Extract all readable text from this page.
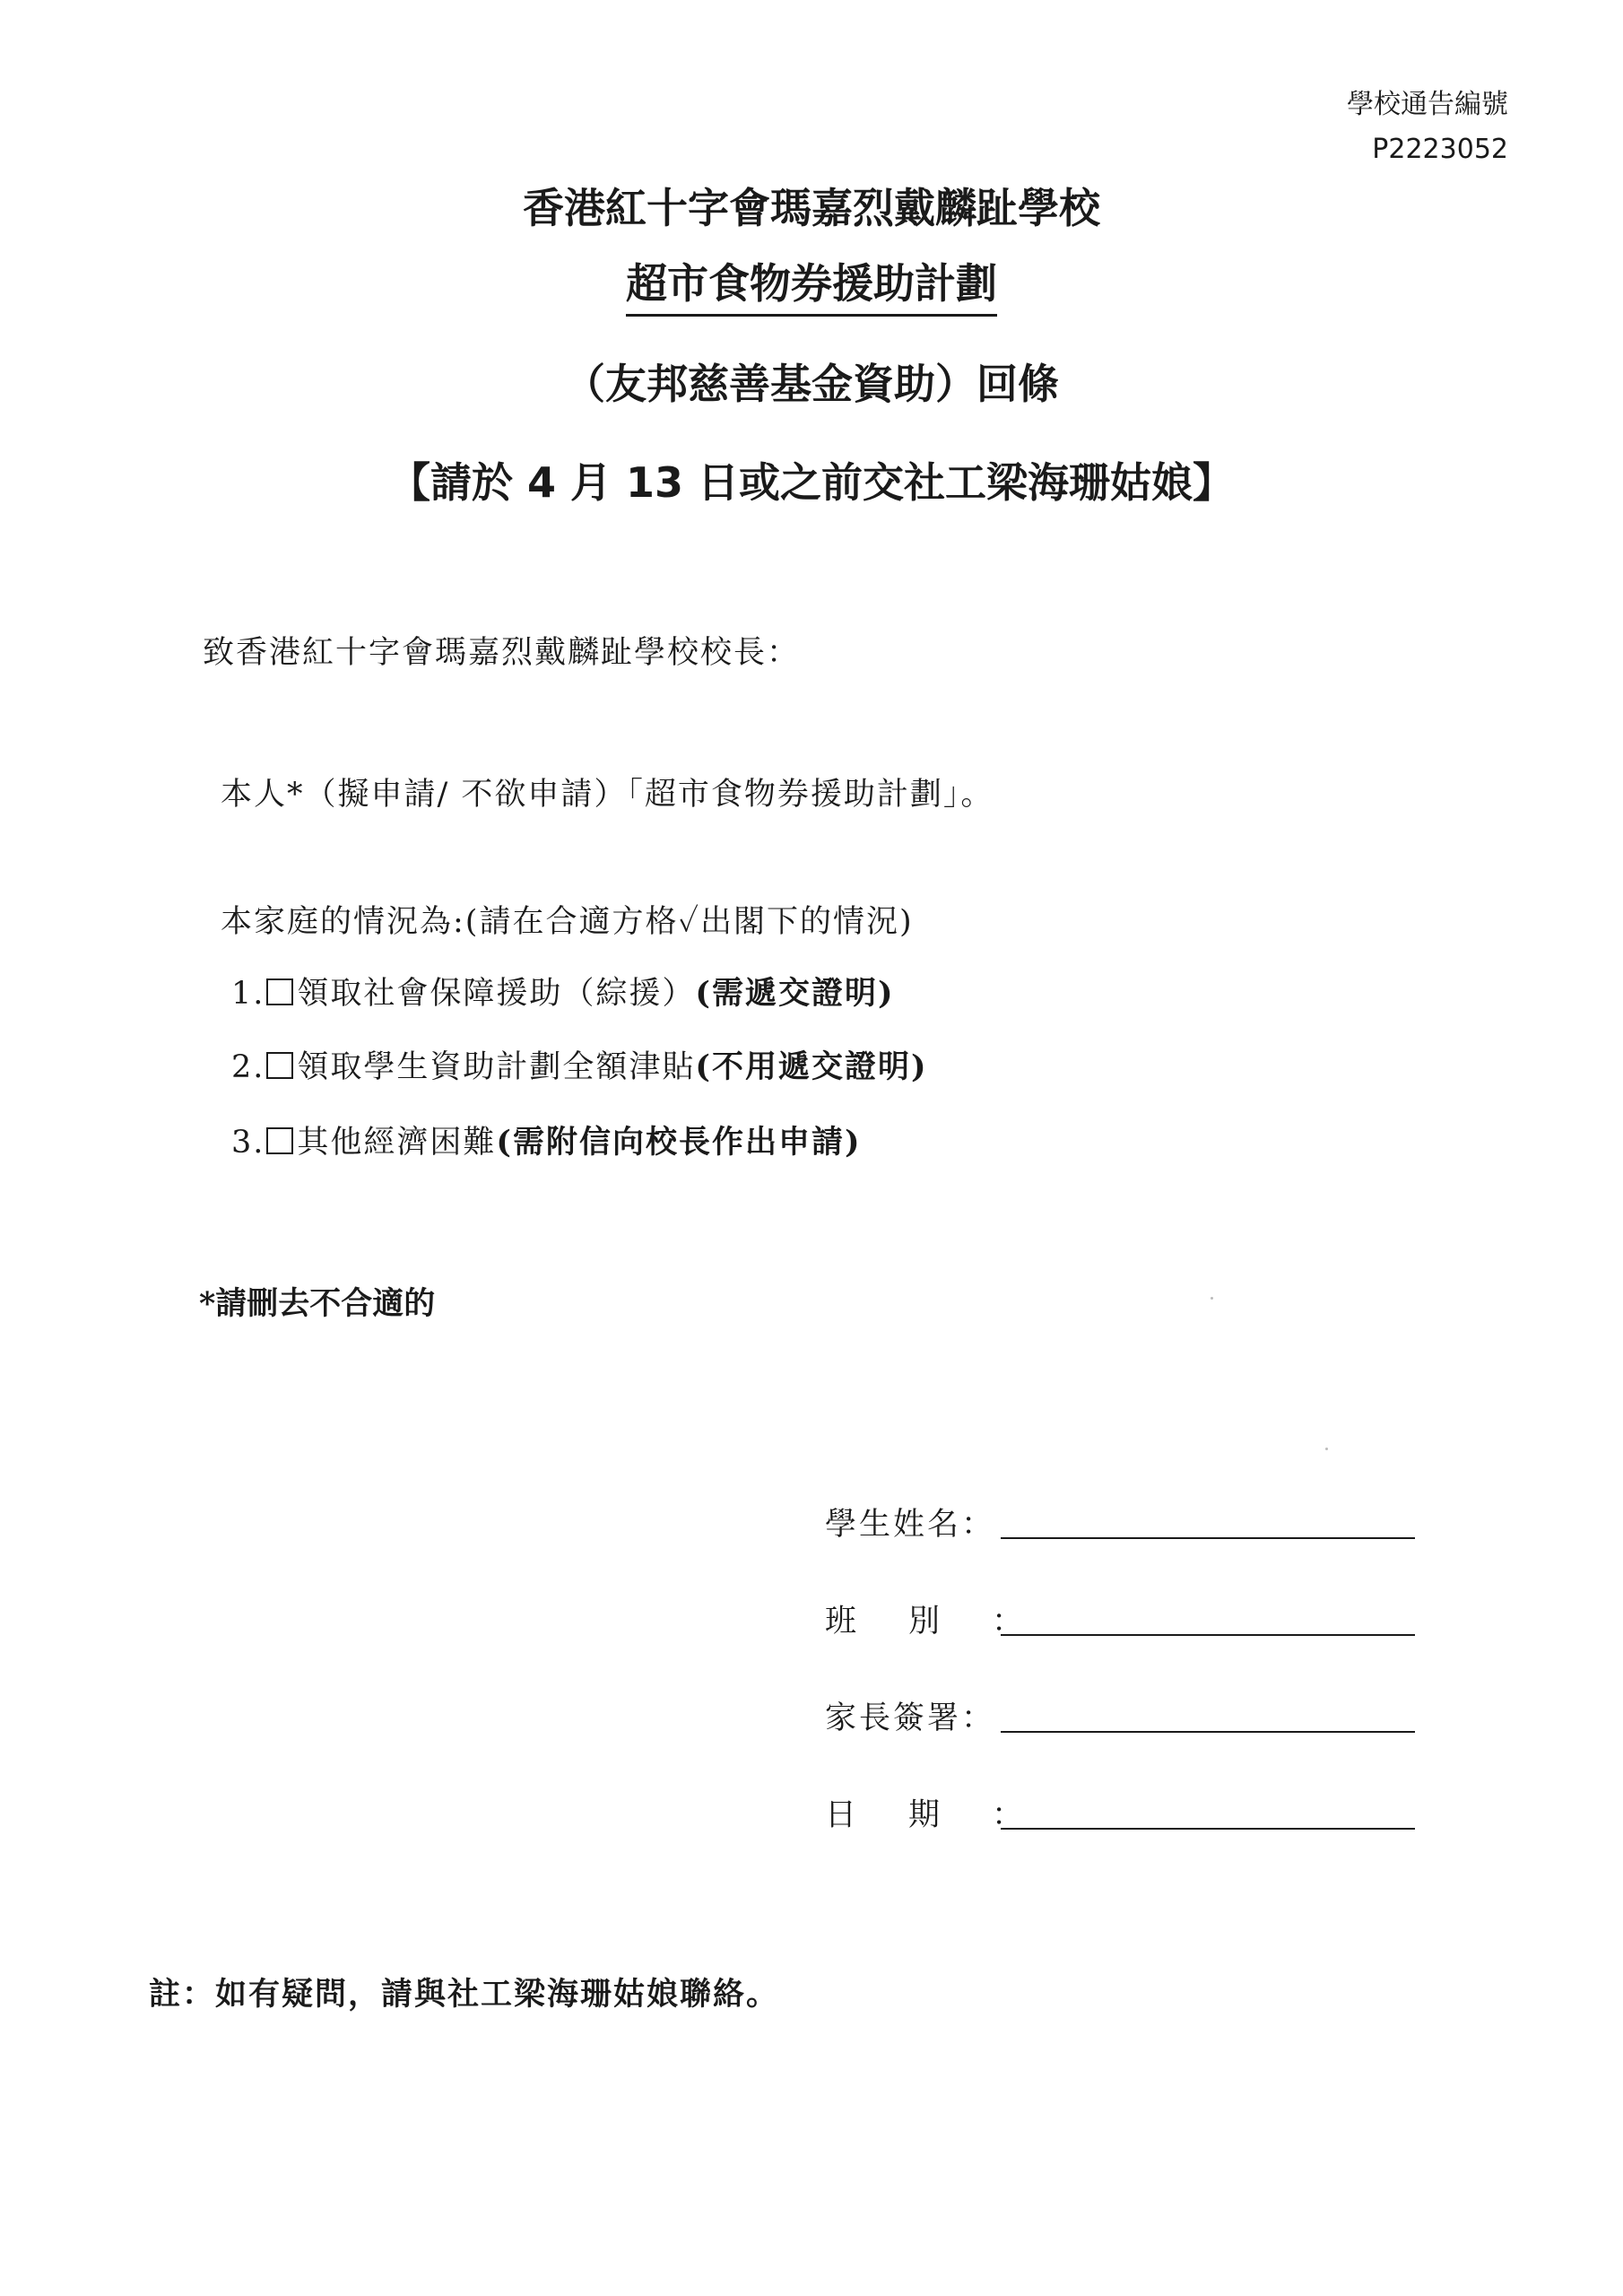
學校通告編號
P2223052
香港紅十字會瑪嘉烈戴麟趾學校
超市食物券援助計劃
（友邦慈善基金資助）回條
【請於 4 月 13 日或之前交社工梁海珊姑娘】
致香港紅十字會瑪嘉烈戴麟趾學校校長：
本人*（擬申請/ 不欲申請）「超市食物券援助計劃」。
本家庭的情況為:(請在合適方格✓出閣下的情況)
1. 領取社會保障援助（綜援）(需遞交證明)
2. 領取學生資助計劃全額津貼(不用遞交證明)
3. 其他經濟困難(需附信向校長作出申請)
*請刪去不合適的
學生姓名：
班別：
家長簽署：
日期：
註：如有疑問，請與社工梁海珊姑娘聯絡。
